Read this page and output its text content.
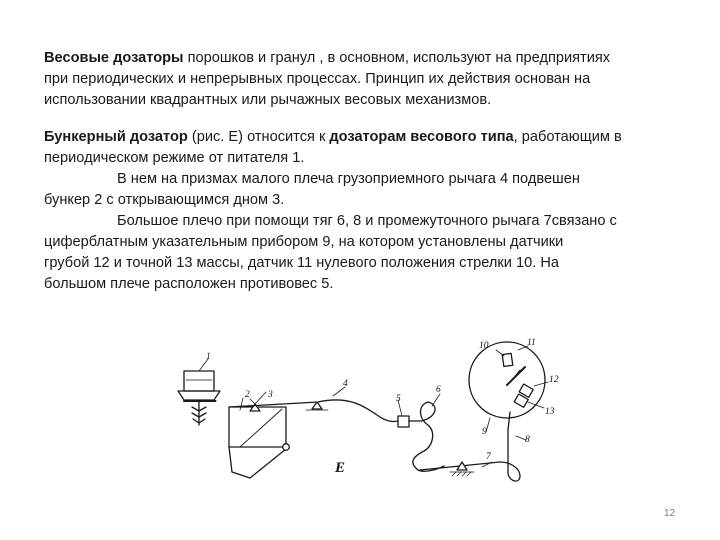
Весовые дозаторы порошков и гранул , в основном, используют на предприятиях
при периодических и непрерывных процессах. Принцип их действия основан на
использовании квадрантных или рычажных весовых механизмов.

Бункерный дозатор (рис. Е) относится к дозаторам весового типа, работающим в
периодическом режиме от питателя 1.
В нем на призмах малого плеча грузоприемного рычага 4 подвешен
бункер 2 с открывающимся дном 3.
Большое плечо при помощи тяг 6, 8 и промежуточного рычага 7связано с
циферблатным указательным прибором 9, на котором установлены датчики
грубой 12 и точной 13 массы, датчик 11 нулевого положения стрелки 10. На
большом плече расположен противовес 5.

1
2 3
4
5
6
7
8
9
10	11
12
13
Е
12
